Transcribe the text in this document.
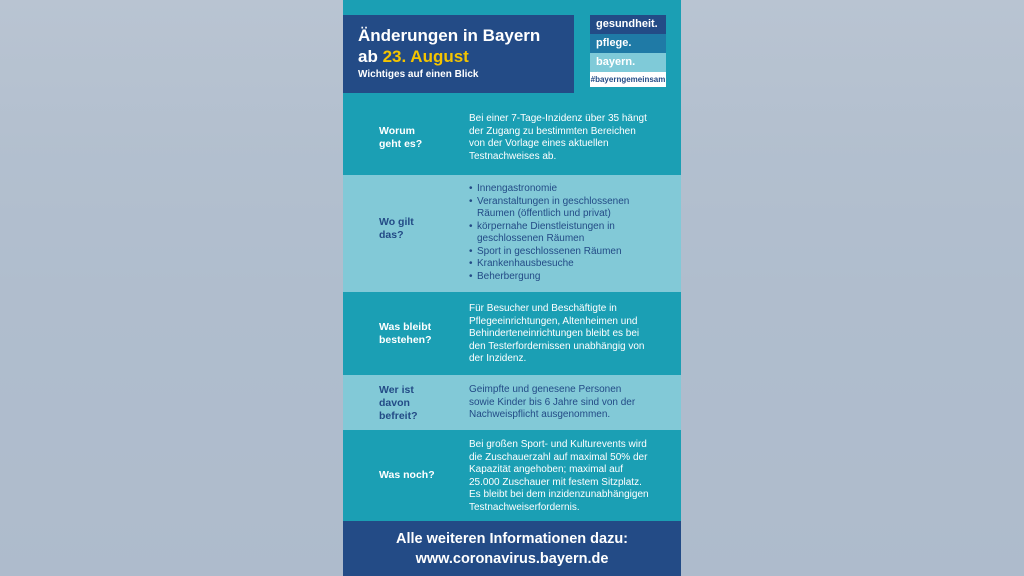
Änderungen in Bayern
ab 23. August
Wichtiges auf einen Blick
gesundheit.
pflege.
bayern.
#bayerngemeinsam
Worum
geht es?
Bei einer 7-Tage-Inzidenz über 35 hängt
der Zugang zu bestimmten Bereichen
von der Vorlage eines aktuellen
Testnachweises ab.
Wo gilt
das?
• Innengastronomie
• Veranstaltungen in geschlossenen
Räumen (öffentlich und privat)
• körpernahe Dienstleistungen in
geschlossenen Räumen
• Sport in geschlossenen Räumen
• Krankenhausbesuche
• Beherbergung
Was bleibt
bestehen?
Für Besucher und Beschäftigte in
Pflegeeinrichtungen, Altenheimen und
Behinderteneinrichtungen bleibt es bei
den Testerfordernissen unabhängig von
der Inzidenz.
Wer ist
davon
befreit?
Geimpfte und genesene Personen
sowie Kinder bis 6 Jahre sind von der
Nachweispflicht ausgenommen.
Was noch?
Bei großen Sport- und Kulturevents wird
die Zuschauerzahl auf maximal 50% der
Kapazität angehoben; maximal auf
25.000 Zuschauer mit festem Sitzplatz.
Es bleibt bei dem inzidenzunabhängigen
Testnachweiserfordernis.
Alle weiteren Informationen dazu:
www.coronavirus.bayern.de
